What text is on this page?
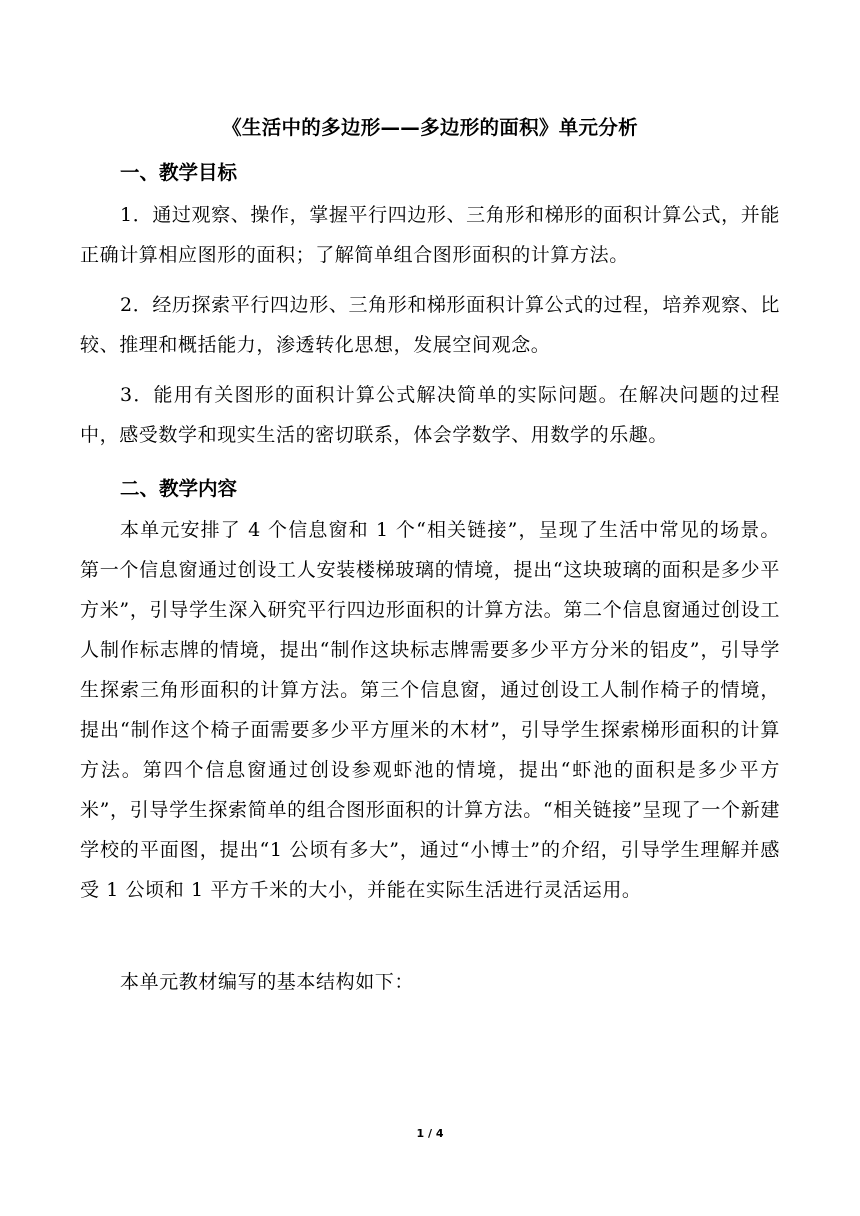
《生活中的多边形——多边形的面积》单元分析
一、教学目标
1．通过观察、操作，掌握平行四边形、三角形和梯形的面积计算公式，并能正确计算相应图形的面积；了解简单组合图形面积的计算方法。
2．经历探索平行四边形、三角形和梯形面积计算公式的过程，培养观察、比较、推理和概括能力，渗透转化思想，发展空间观念。
3．能用有关图形的面积计算公式解决简单的实际问题。在解决问题的过程中，感受数学和现实生活的密切联系，体会学数学、用数学的乐趣。
二、教学内容
本单元安排了 4 个信息窗和 1 个“相关链接”，呈现了生活中常见的场景。第一个信息窗通过创设工人安装楼梯玻璃的情境，提出“这块玻璃的面积是多少平方米”，引导学生深入研究平行四边形面积的计算方法。第二个信息窗通过创设工人制作标志牌的情境，提出“制作这块标志牌需要多少平方分米的铝皮”，引导学生探索三角形面积的计算方法。第三个信息窗，通过创设工人制作椅子的情境，提出“制作这个椅子面需要多少平方厘米的木材”，引导学生探索梯形面积的计算方法。第四个信息窗通过创设参观虾池的情境，提出“虾池的面积是多少平方米”，引导学生探索简单的组合图形面积的计算方法。“相关链接”呈现了一个新建学校的平面图，提出“1 公顷有多大”，通过“小博士”的介绍，引导学生理解并感受 1 公顷和 1 平方千米的大小，并能在实际生活进行灵活运用。
本单元教材编写的基本结构如下：
1 / 4
